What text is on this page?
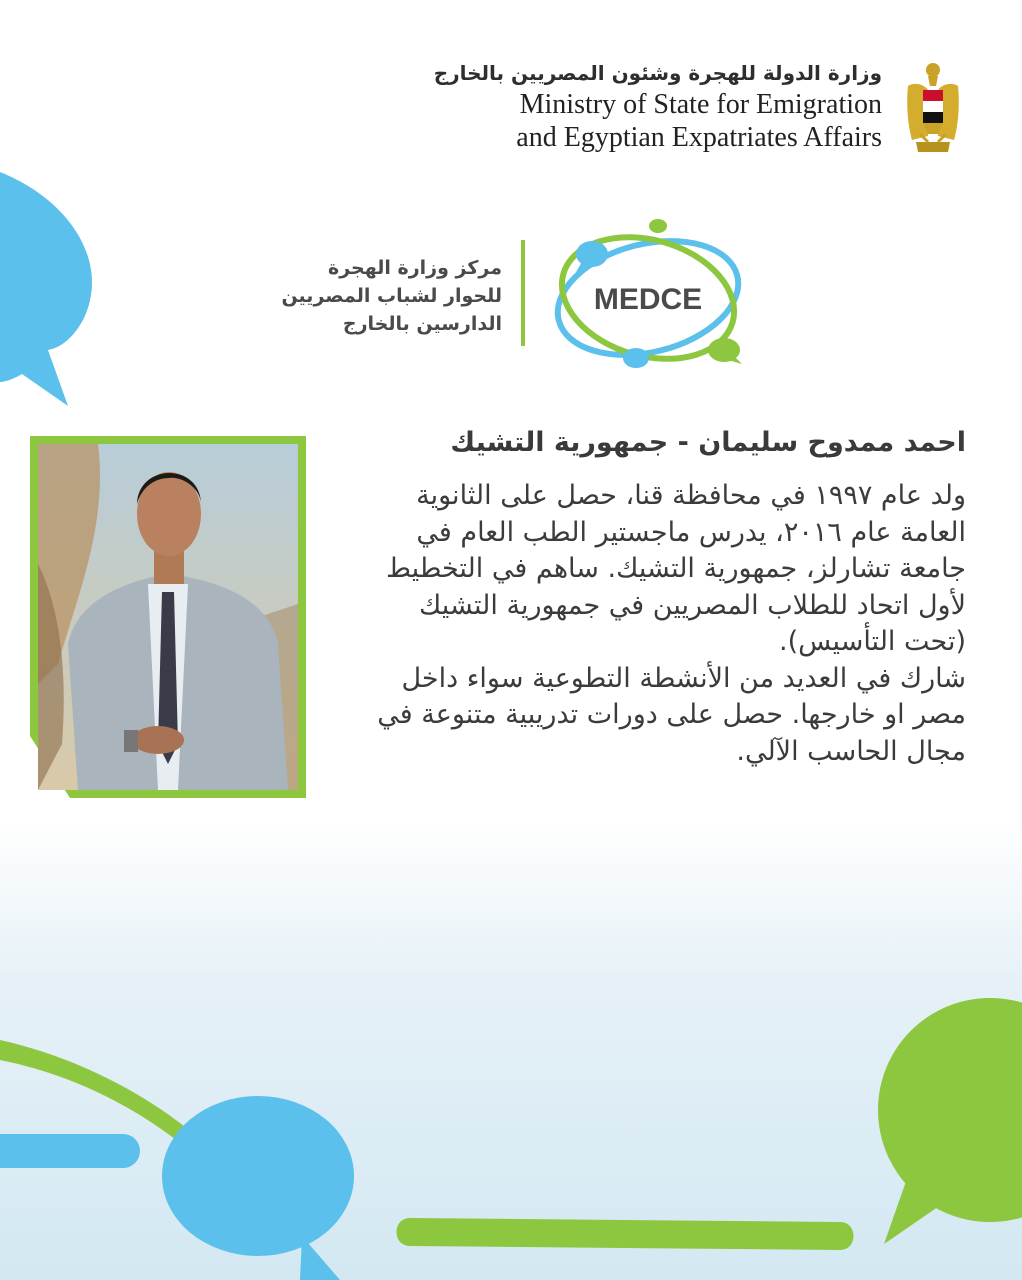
وزارة الدولة للهجرة وشئون المصريين بالخارج
Ministry of State for Emigration
and Egyptian Expatriates Affairs
مركز وزارة الهجرة
للحوار لشباب المصريين
الدارسين بالخارج
MEDCE
احمد ممدوح سليمان - جمهورية التشيك

ولد عام ١٩٩٧ في محافظة قنا، حصل على الثانوية العامة عام ٢٠١٦، يدرس ماجستير الطب العام في جامعة تشارلز، جمهورية التشيك. ساهم في التخطيط لأول اتحاد للطلاب المصريين في جمهورية التشيك (تحت التأسيس).

شارك في العديد من الأنشطة التطوعية سواء داخل مصر او خارجها. حصل على دورات تدريبية متنوعة في مجال الحاسب الآلي.
